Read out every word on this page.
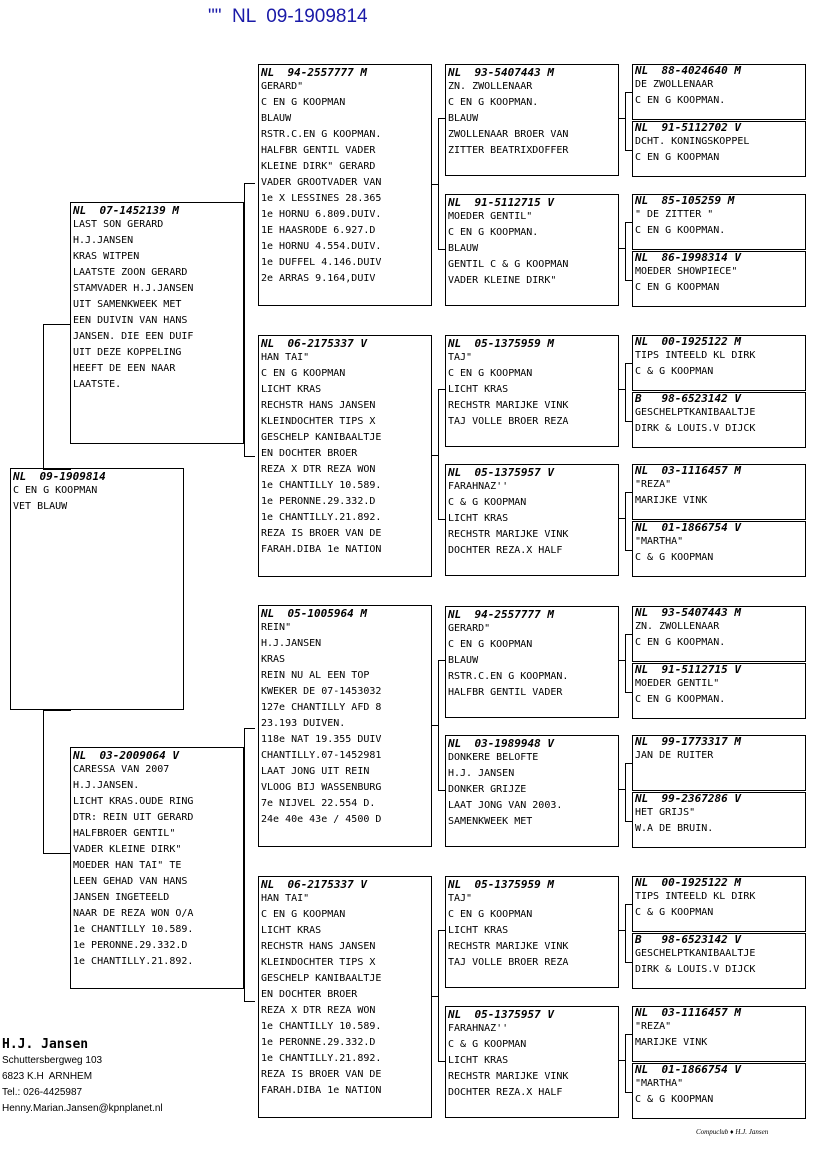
""  NL  09-1909814
NL  09-1909814
C EN G KOOPMAN
VET BLAUW
NL  07-1452139 M
LAST SON GERARD
H.J.JANSEN
KRAS WITPEN
LAATSTE ZOON GERARD
STAMVADER H.J.JANSEN
UIT SAMENKWEEK MET
EEN DUIVIN VAN HANS
JANSEN. DIE EEN DUIF
UIT DEZE KOPPELING
HEEFT DE EEN NAAR
LAATSTE.
NL  03-2009064 V
CARESSA VAN 2007
H.J.JANSEN.
LICHT KRAS.OUDE RING
DTR: REIN UIT GERARD
HALFBROER GENTIL"
VADER KLEINE DIRK"
MOEDER HAN TAI" TE
LEEN GEHAD VAN HANS
JANSEN INGETEELD
NAAR DE REZA WON O/A
1e CHANTILLY 10.589.
1e PERONNE.29.332.D
1e CHANTILLY.21.892.
NL  94-2557777 M
GERARD"
C EN G KOOPMAN
BLAUW
RSTR.C.EN G KOOPMAN.
HALFBR GENTIL VADER
KLEINE DIRK" GERARD
VADER GROOTVADER VAN
1e X LESSINES 28.365
1e HORNU 6.809.DUIV.
1E HAASRODE 6.927.D
1e HORNU 4.554.DUIV.
1e DUFFEL 4.146.DUIV
2e ARRAS 9.164,DUIV
NL  06-2175337 V
HAN TAI"
C EN G KOOPMAN
LICHT KRAS
RECHSTR HANS JANSEN
KLEINDOCHTER TIPS X
GESCHELP KANIBAALTJE
EN DOCHTER BROER
REZA X DTR REZA WON
1e CHANTILLY 10.589.
1e PERONNE.29.332.D
1e CHANTILLY.21.892.
REZA IS BROER VAN DE
FARAH.DIBA 1e NATION
NL  05-1005964 M
REIN"
H.J.JANSEN
KRAS
REIN NU AL EEN TOP
KWEKER DE 07-1453032
127e CHANTILLY AFD 8
23.193 DUIVEN.
118e NAT 19.355 DUIV
CHANTILLY.07-1452981
LAAT JONG UIT REIN
VLOOG BIJ WASSENBURG
7e NIJVEL 22.554 D.
24e 40e 43e / 4500 D
NL  06-2175337 V
HAN TAI"
C EN G KOOPMAN
LICHT KRAS
RECHSTR HANS JANSEN
KLEINDOCHTER TIPS X
GESCHELP KANIBAALTJE
EN DOCHTER BROER
REZA X DTR REZA WON
1e CHANTILLY 10.589.
1e PERONNE.29.332.D
1e CHANTILLY.21.892.
REZA IS BROER VAN DE
FARAH.DIBA 1e NATION
NL  93-5407443 M
ZN. ZWOLLENAAR
C EN G KOOPMAN.
BLAUW
ZWOLLENAAR BROER VAN
ZITTER BEATRIXDOFFER
NL  91-5112715 V
MOEDER GENTIL"
C EN G KOOPMAN.
BLAUW
GENTIL C & G KOOPMAN
VADER KLEINE DIRK"
NL  05-1375959 M
TAJ"
C EN G KOOPMAN
LICHT KRAS
RECHSTR MARIJKE VINK
TAJ VOLLE BROER REZA
NL  05-1375957 V
FARAHNAZ''
C & G KOOPMAN
LICHT KRAS
RECHSTR MARIJKE VINK
DOCHTER REZA.X HALF
NL  94-2557777 M
GERARD"
C EN G KOOPMAN
BLAUW
RSTR.C.EN G KOOPMAN.
HALFBR GENTIL VADER
NL  03-1989948 V
DONKERE BELOFTE
H.J. JANSEN
DONKER GRIJZE
LAAT JONG VAN 2003.
SAMENKWEEK MET
NL  05-1375959 M
TAJ"
C EN G KOOPMAN
LICHT KRAS
RECHSTR MARIJKE VINK
TAJ VOLLE BROER REZA
NL  05-1375957 V
FARAHNAZ''
C & G KOOPMAN
LICHT KRAS
RECHSTR MARIJKE VINK
DOCHTER REZA.X HALF
NL  88-4024640 M
DE ZWOLLENAAR
C EN G KOOPMAN.
NL  91-5112702 V
DCHT. KONINGSKOPPEL
C EN G KOOPMAN
NL  85-105259 M
" DE ZITTER "
C EN G KOOPMAN.
NL  86-1998314 V
MOEDER SHOWPIECE"
C EN G KOOPMAN
NL  00-1925122 M
TIPS INTEELD KL DIRK
C & G KOOPMAN
B   98-6523142 V
GESCHELPTKANIBAALTJE
DIRK & LOUIS.V DIJCK
NL  03-1116457 M
"REZA"
MARIJKE VINK
NL  01-1866754 V
"MARTHA"
C & G KOOPMAN
NL  93-5407443 M
ZN. ZWOLLENAAR
C EN G KOOPMAN.
NL  91-5112715 V
MOEDER GENTIL"
C EN G KOOPMAN.
NL  99-1773317 M
JAN DE RUITER
NL  99-2367286 V
HET GRIJS"
W.A DE BRUIN.
NL  00-1925122 M
TIPS INTEELD KL DIRK
C & G KOOPMAN
B   98-6523142 V
GESCHELPTKANIBAALTJE
DIRK & LOUIS.V DIJCK
NL  03-1116457 M
"REZA"
MARIJKE VINK
NL  01-1866754 V
"MARTHA"
C & G KOOPMAN
H.J. Jansen
Schuttersbergweg 103
6823 K.H  ARNHEM
Tel.: 026-4425987
Henny.Marian.Jansen@kpnplanet.nl
Compuclub ♦ H.J. Jansen
